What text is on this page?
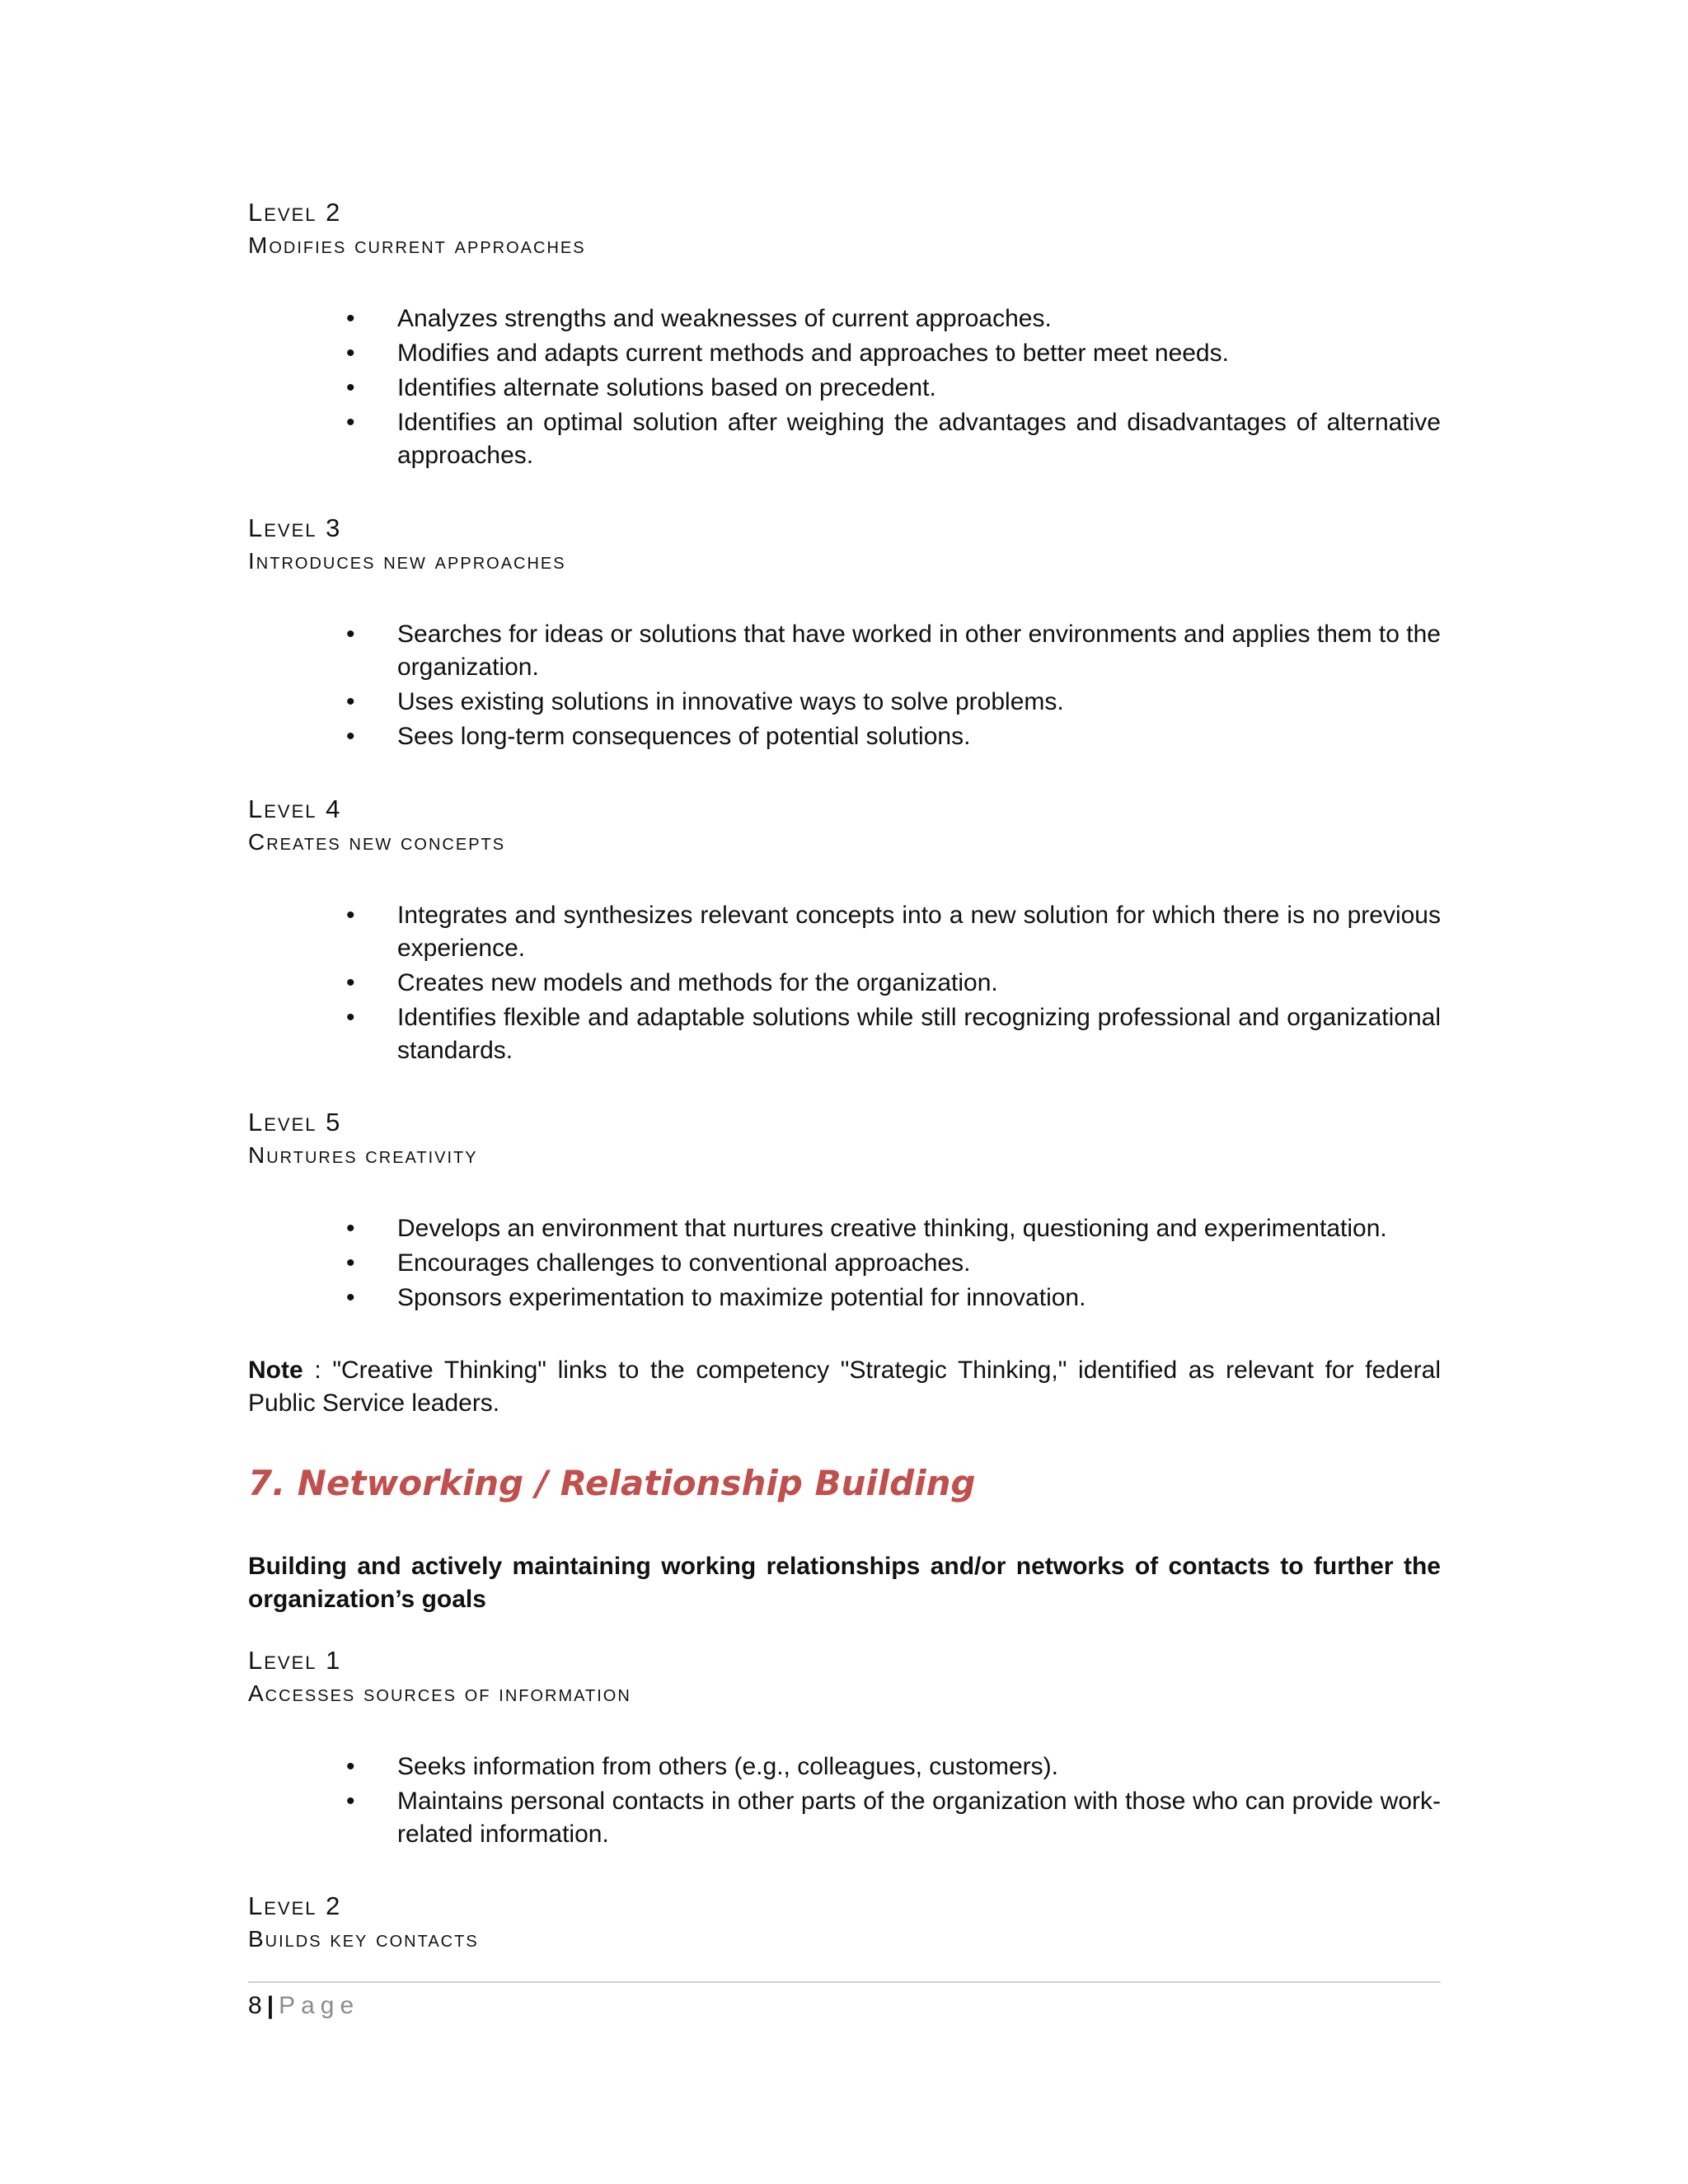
Level 2

Modifies current approaches

• Analyzes strengths and weaknesses of current approaches.
• Modifies and adapts current methods and approaches to better meet needs.
• Identifies alternate solutions based on precedent.
• Identifies an optimal solution after weighing the advantages and disadvantages of alternative approaches.

Level 3

Introduces new approaches

• Searches for ideas or solutions that have worked in other environments and applies them to the organization.
• Uses existing solutions in innovative ways to solve problems.
• Sees long-term consequences of potential solutions.

Level 4

Creates new concepts

• Integrates and synthesizes relevant concepts into a new solution for which there is no previous experience.
• Creates new models and methods for the organization.
• Identifies flexible and adaptable solutions while still recognizing professional and organizational standards.

Level 5

Nurtures creativity

• Develops an environment that nurtures creative thinking, questioning and experimentation.
• Encourages challenges to conventional approaches.
• Sponsors experimentation to maximize potential for innovation.

Note : "Creative Thinking" links to the competency "Strategic Thinking," identified as relevant for federal Public Service leaders.

7. Networking / Relationship Building

Building and actively maintaining working relationships and/or networks of contacts to further the organization’s goals

Level 1

Accesses sources of information

• Seeks information from others (e.g., colleagues, customers).
• Maintains personal contacts in other parts of the organization with those who can provide work-related information.

Level 2

Builds key contacts

8 | Page
